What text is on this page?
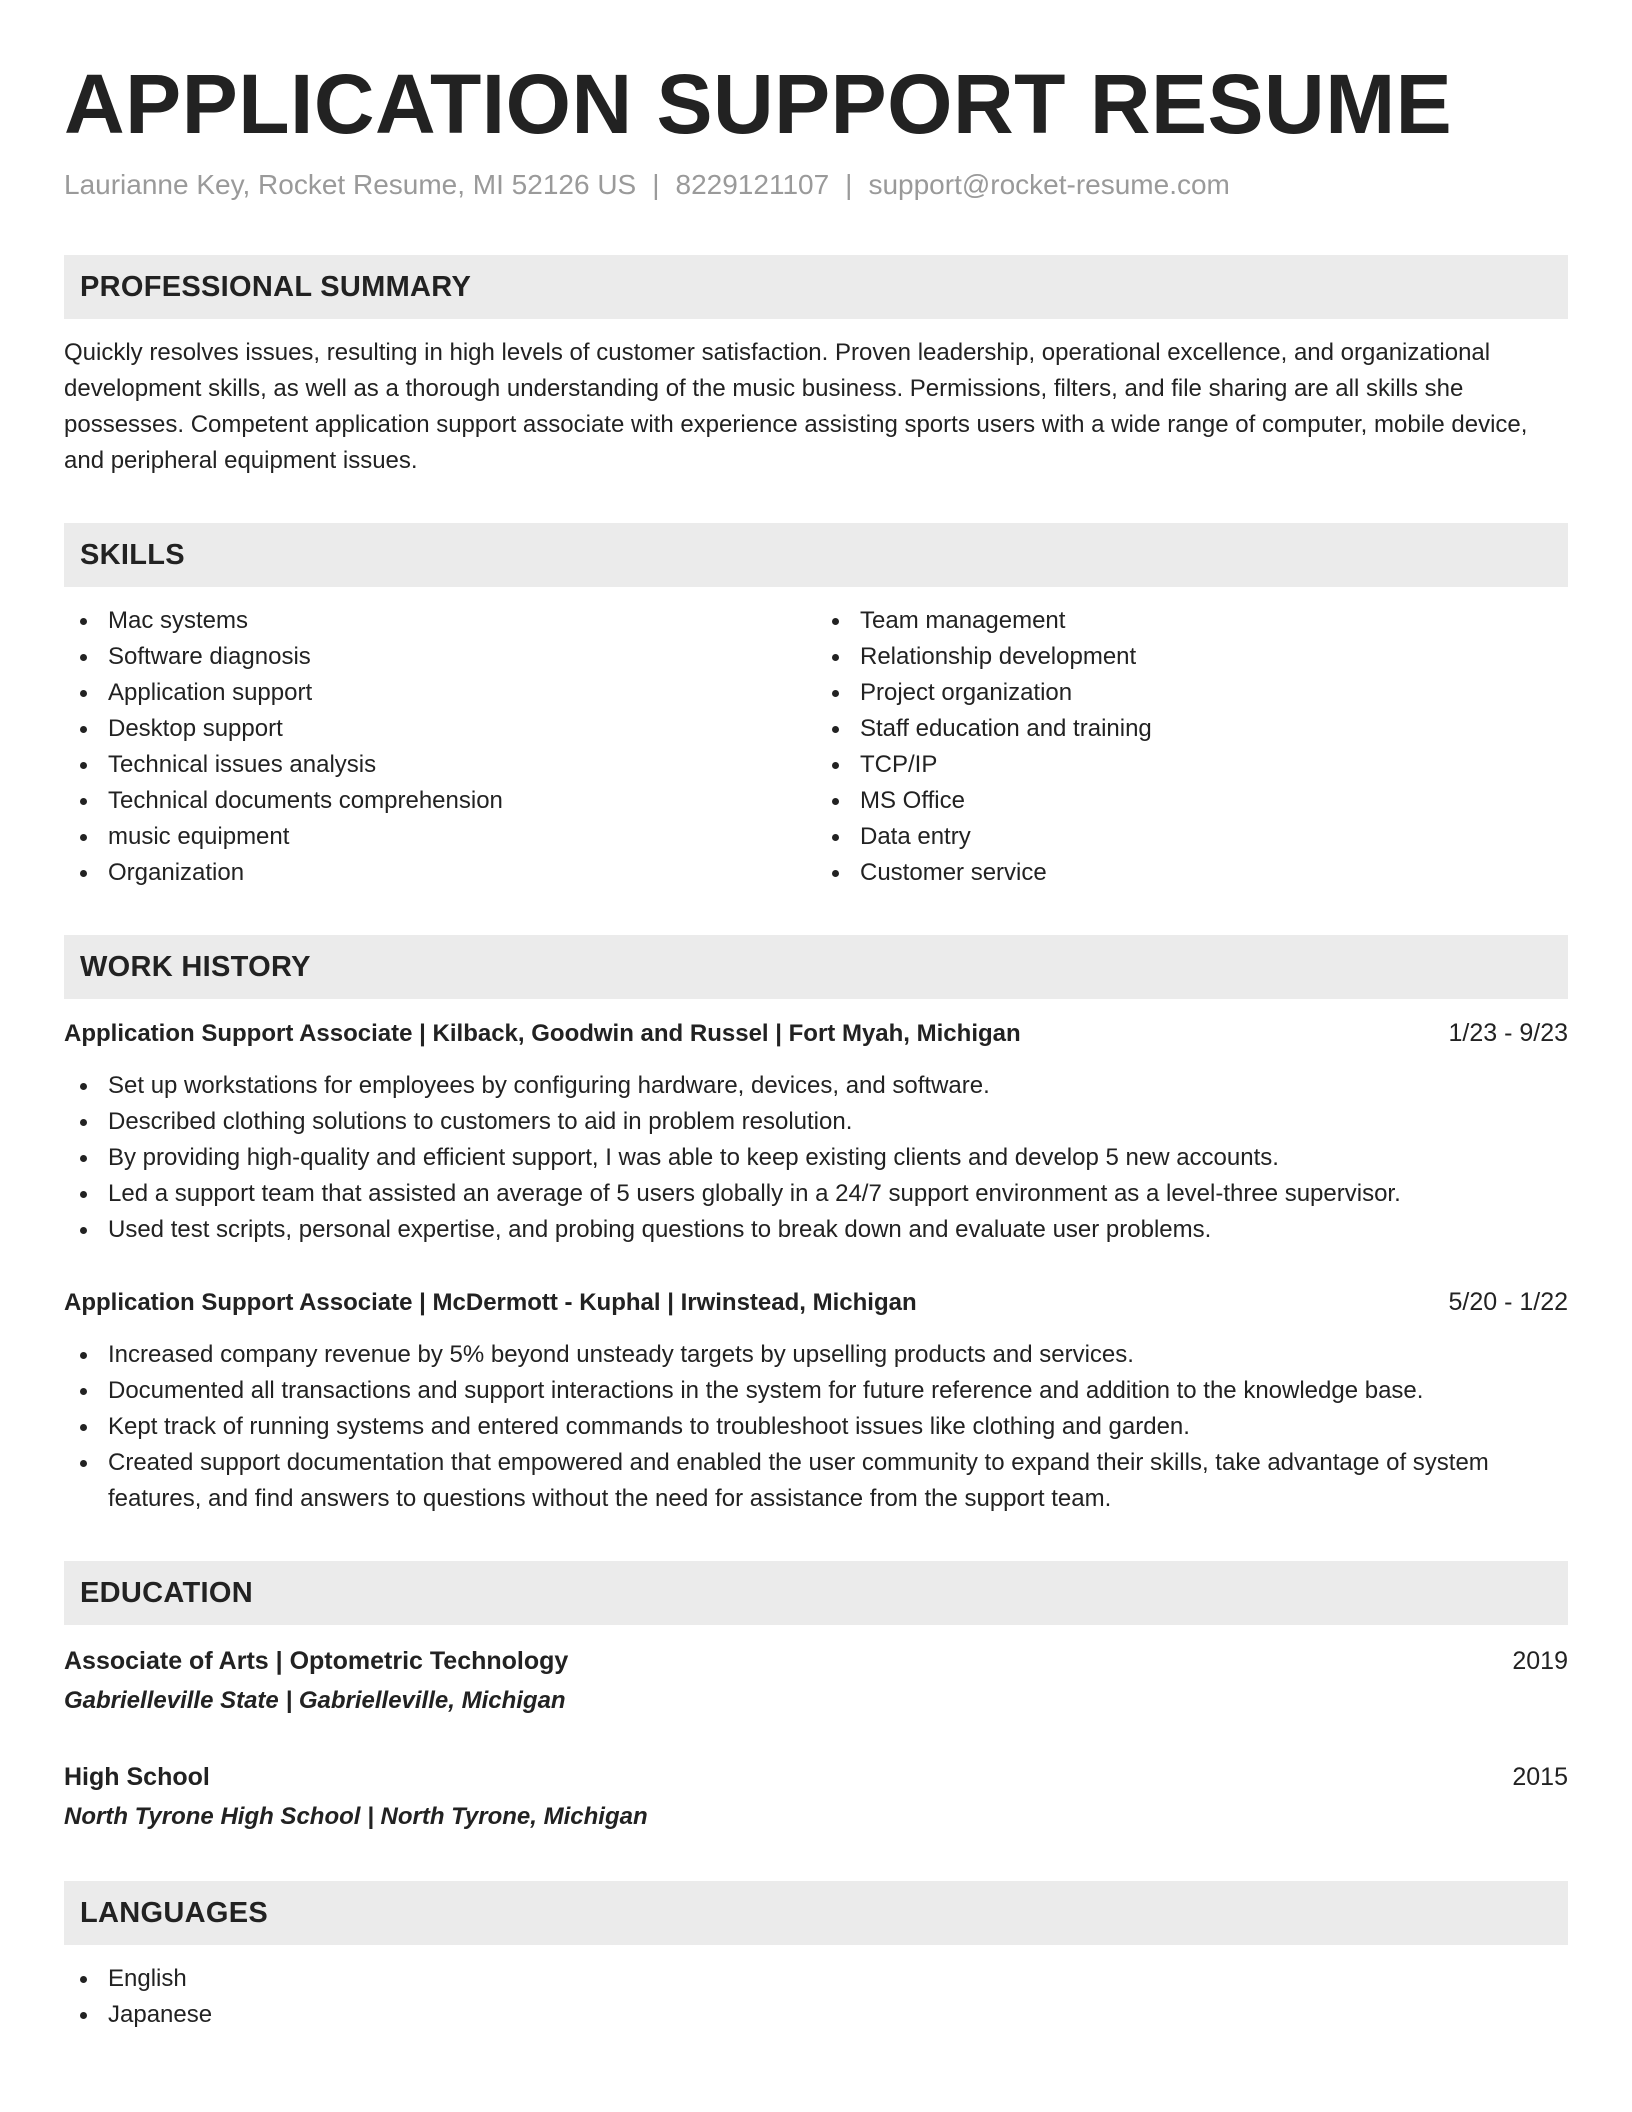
APPLICATION SUPPORT RESUME
Laurianne Key, Rocket Resume, MI 52126 US | 8229121107 | support@rocket-resume.com
PROFESSIONAL SUMMARY

Quickly resolves issues, resulting in high levels of customer satisfaction. Proven leadership, operational excellence, and organizational development skills, as well as a thorough understanding of the music business. Permissions, filters, and file sharing are all skills she possesses. Competent application support associate with experience assisting sports users with a wide range of computer, mobile device, and peripheral equipment issues.

SKILLS
Mac systems
Software diagnosis
Application support
Desktop support
Technical issues analysis
Technical documents comprehension
music equipment
Organization
Team management
Relationship development
Project organization
Staff education and training
TCP/IP
MS Office
Data entry
Customer service
WORK HISTORY
Application Support Associate | Kilback, Goodwin and Russel | Fort Myah, Michigan	1/23 - 9/23
Set up workstations for employees by configuring hardware, devices, and software.
Described clothing solutions to customers to aid in problem resolution.
By providing high-quality and efficient support, I was able to keep existing clients and develop 5 new accounts.
Led a support team that assisted an average of 5 users globally in a 24/7 support environment as a level-three supervisor.
Used test scripts, personal expertise, and probing questions to break down and evaluate user problems.
Application Support Associate | McDermott - Kuphal | Irwinstead, Michigan	5/20 - 1/22
Increased company revenue by 5% beyond unsteady targets by upselling products and services.
Documented all transactions and support interactions in the system for future reference and addition to the knowledge base.
Kept track of running systems and entered commands to troubleshoot issues like clothing and garden.
Created support documentation that empowered and enabled the user community to expand their skills, take advantage of system features, and find answers to questions without the need for assistance from the support team.
EDUCATION
Associate of Arts | Optometric Technology	2019
Gabrielleville State | Gabrielleville, Michigan
High School	2015
North Tyrone High School | North Tyrone, Michigan
LANGUAGES
English
Japanese
